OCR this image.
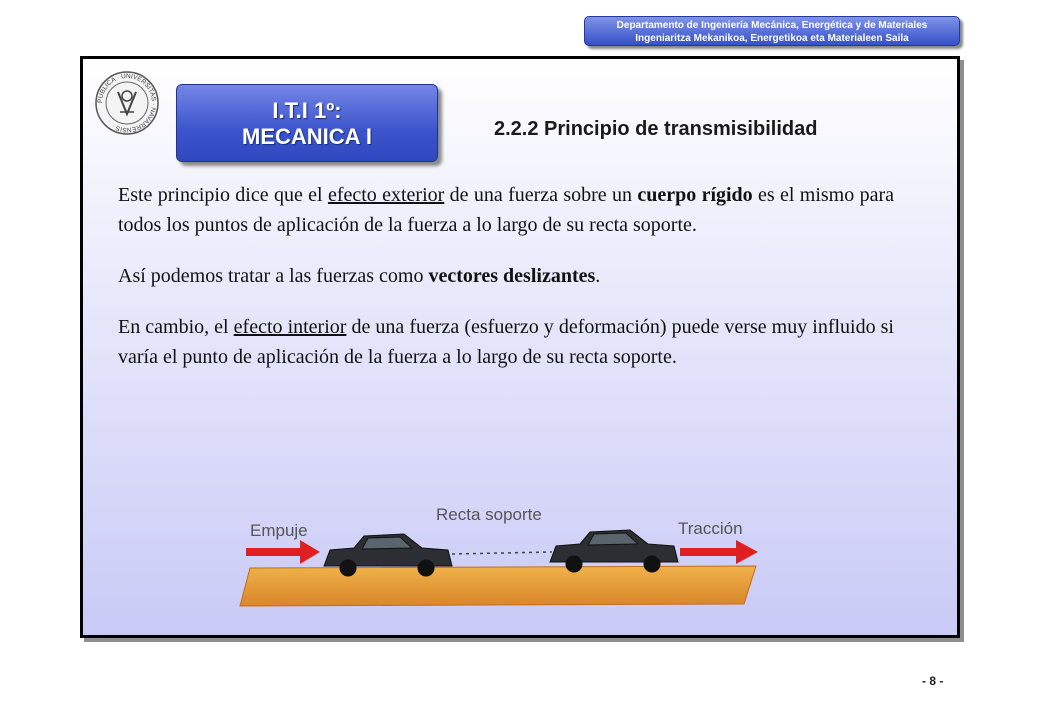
Departamento de Ingeniería Mecánica, Energética y de Materiales
Ingeniaritza Mekanikoa, Energetikoa eta Materialeen Saila
PUBLICA · UNIVERSITAS · NAVARRENSIS ·
I.T.I 1º:
MECANICA I	2.2.2 Principio de transmisibilidad

Este principio dice que el efecto exterior de una fuerza sobre un cuerpo rígido es el mismo para todos los puntos de aplicación de la fuerza a lo largo de su recta soporte.

Así podemos tratar a las fuerzas como vectores deslizantes.

En cambio, el efecto interior de una fuerza (esfuerzo y deformación) puede verse muy influido si varía el punto de aplicación de la fuerza a lo largo de su recta soporte.

Empuje
Recta soporte
Tracción
- 8 -
